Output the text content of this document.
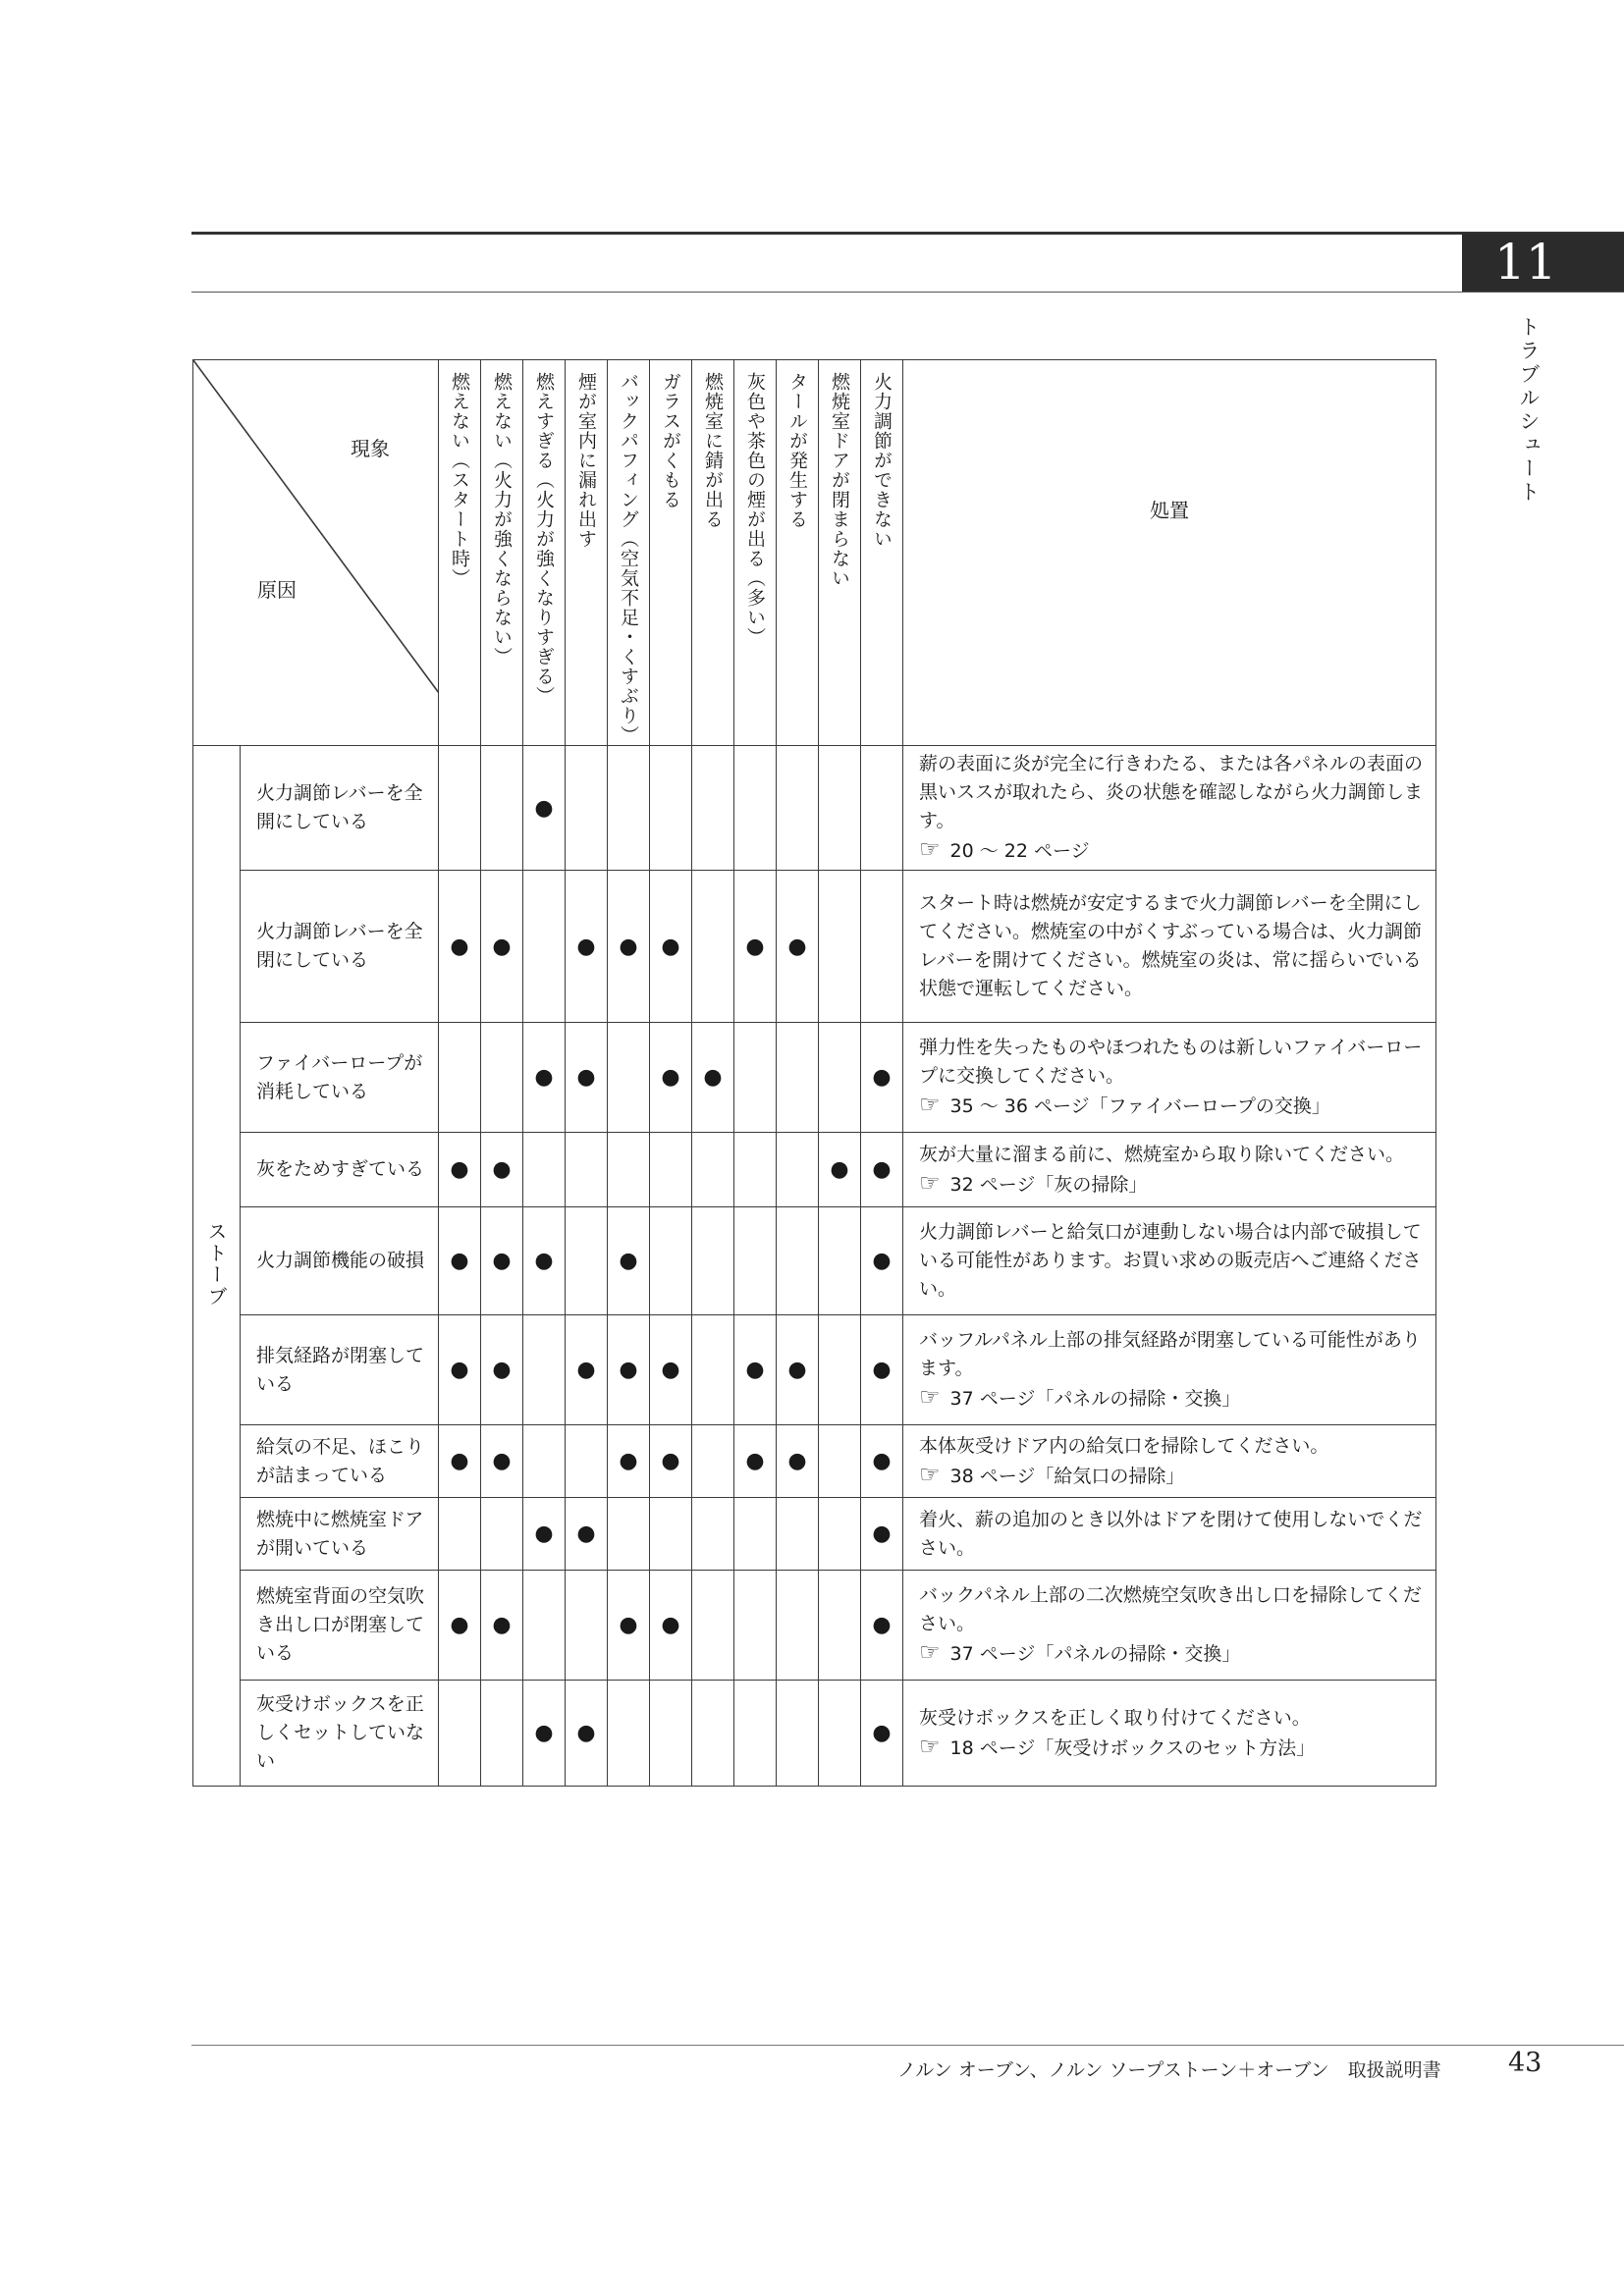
11
トラブルシュート
現象
原因		燃えない（スタート時）	燃えない（火力が強くならない）	燃えすぎる（火力が強くなりすぎる）	煙が室内に漏れ出す	バックパフィング（空気不足・くすぶり）	ガラスがくもる	燃焼室に錆が出る	灰色や茶色の煙が出る（多い）	タールが発生する	燃焼室ドアが閉まらない	火力調節ができない	処置
ストーブ	火力調節レバーを全開にしている			●									薪の表面に炎が完全に行きわたる、または各パネルの表面の黒いススが取れたら、炎の状態を確認しながら火力調節します。
☞ 20 ～ 22 ページ

	火力調節レバーを全閉にしている	●	●		●	●	●		●	●			スタート時は燃焼が安定するまで火力調節レバーを全開にしてください。燃焼室の中がくすぶっている場合は、火力調節レバーを開けてください。燃焼室の炎は、常に揺らいでいる状態で運転してください。
	ファイバーロープが消耗している			●	●		●	●				●	弾力性を失ったものやほつれたものは新しいファイバーロープに交換してください。
☞ 35 ～ 36 ページ「ファイバーロープの交換」

	灰をためすぎている	●	●								●	●	灰が大量に溜まる前に、燃焼室から取り除いてください。
☞ 32 ページ「灰の掃除」

	火力調節機能の破損	●	●	●		●						●	火力調節レバーと給気口が連動しない場合は内部で破損している可能性があります。お買い求めの販売店へご連絡ください。
	排気経路が閉塞している	●	●		●	●	●		●	●		●	バッフルパネル上部の排気経路が閉塞している可能性があります。
☞ 37 ページ「パネルの掃除・交換」

	給気の不足、ほこりが詰まっている	●	●			●	●		●	●		●	本体灰受けドア内の給気口を掃除してください。
☞ 38 ページ「給気口の掃除」

	燃焼中に燃焼室ドアが開いている			●	●							●	着火、薪の追加のとき以外はドアを閉けて使用しないでください。
	燃焼室背面の空気吹き出し口が閉塞している	●	●			●	●					●	バックパネル上部の二次燃焼空気吹き出し口を掃除してください。
☞ 37 ページ「パネルの掃除・交換」

	灰受けボックスを正しくセットしていない			●	●							●	灰受けボックスを正しく取り付けてください。
☞ 18 ページ「灰受けボックスのセット方法」
ノルン オーブン、ノルン ソープストーン＋オーブン　取扱説明書	43
